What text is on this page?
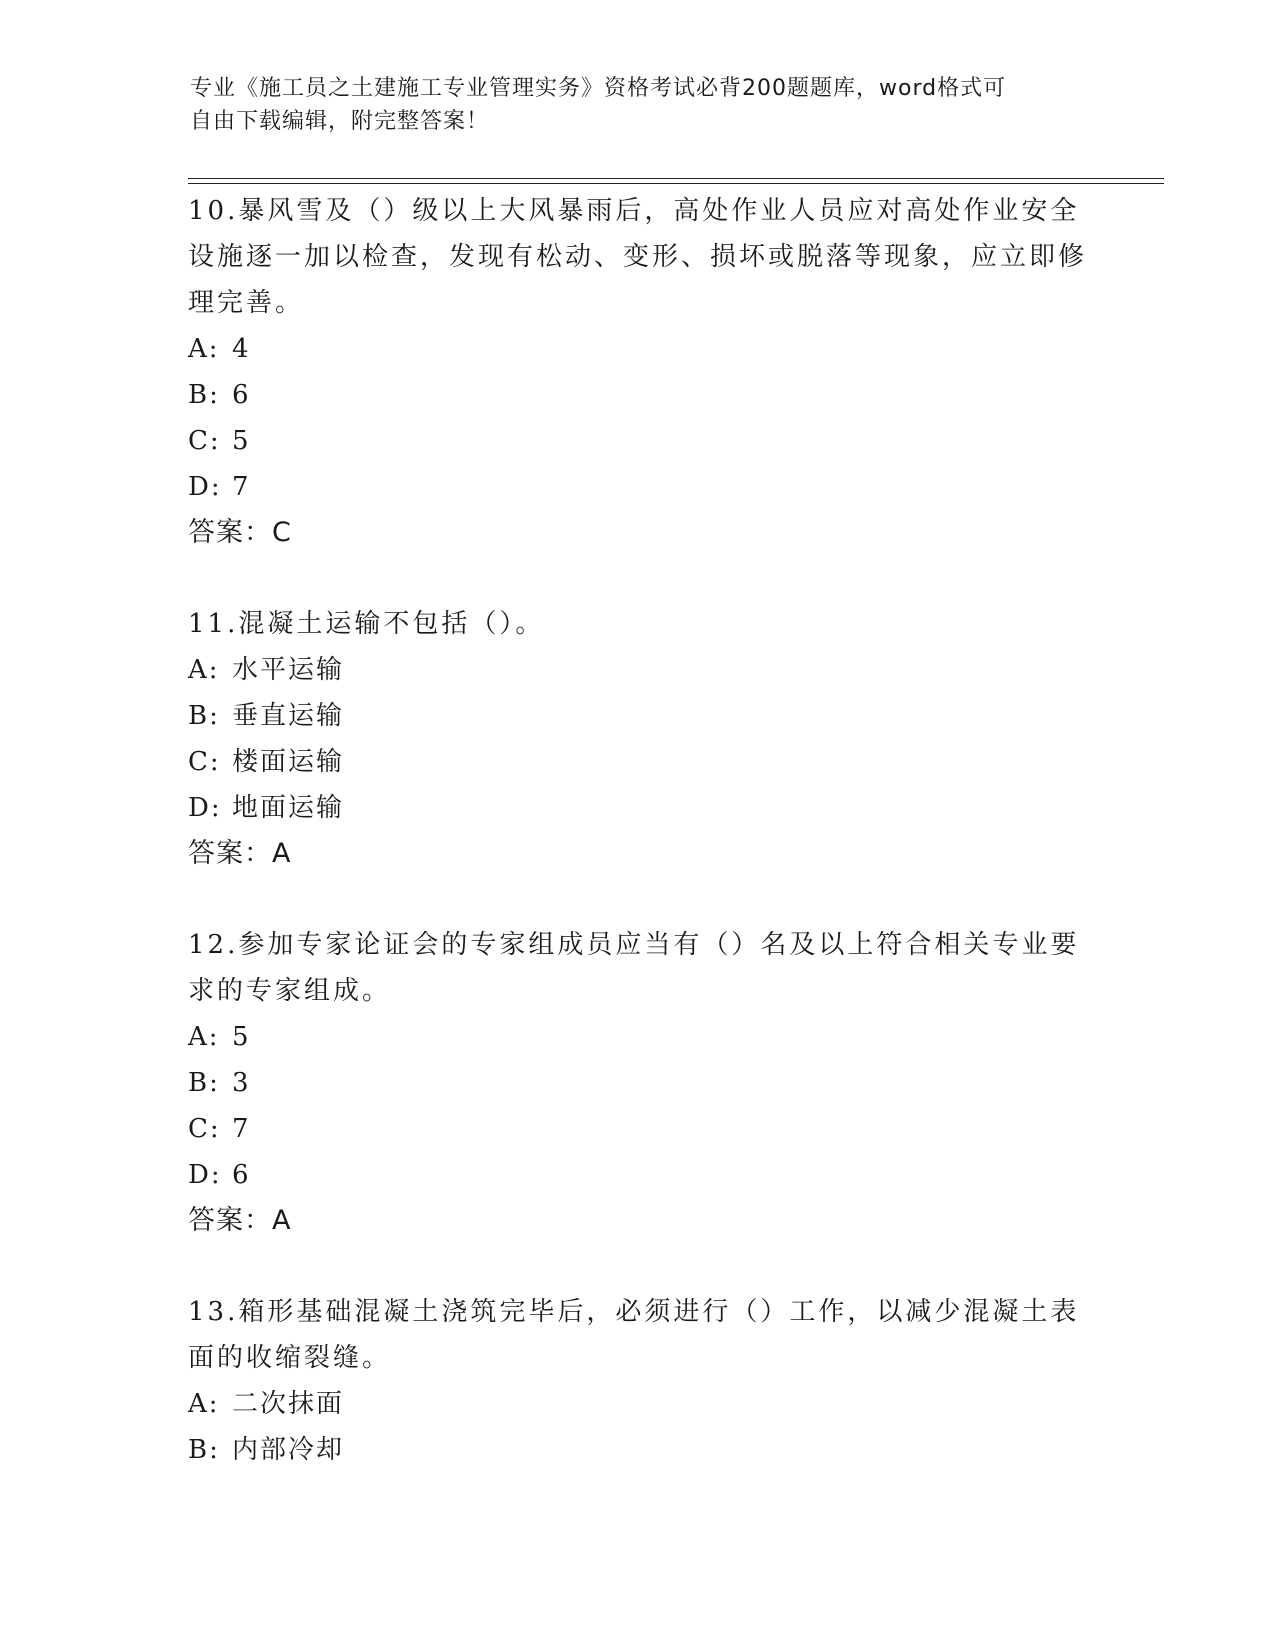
专业《施工员之土建施工专业管理实务》资格考试必背200题题库，word格式可
自由下载编辑，附完整答案！

10.暴风雪及（）级以上大风暴雨后，高处作业人员应对高处作业安全设施逐一加以检查，发现有松动、变形、损坏或脱落等现象，应立即修理完善。

A: 4
B: 6
C: 5
D: 7
答案：C

11.混凝土运输不包括（）。

A: 水平运输
B: 垂直运输
C: 楼面运输
D: 地面运输
答案：A

12.参加专家论证会的专家组成员应当有（）名及以上符合相关专业要求的专家组成。

A: 5
B: 3
C: 7
D: 6
答案：A

13.箱形基础混凝土浇筑完毕后，必须进行（）工作，以减少混凝土表面的收缩裂缝。

A: 二次抹面
B: 内部冷却
